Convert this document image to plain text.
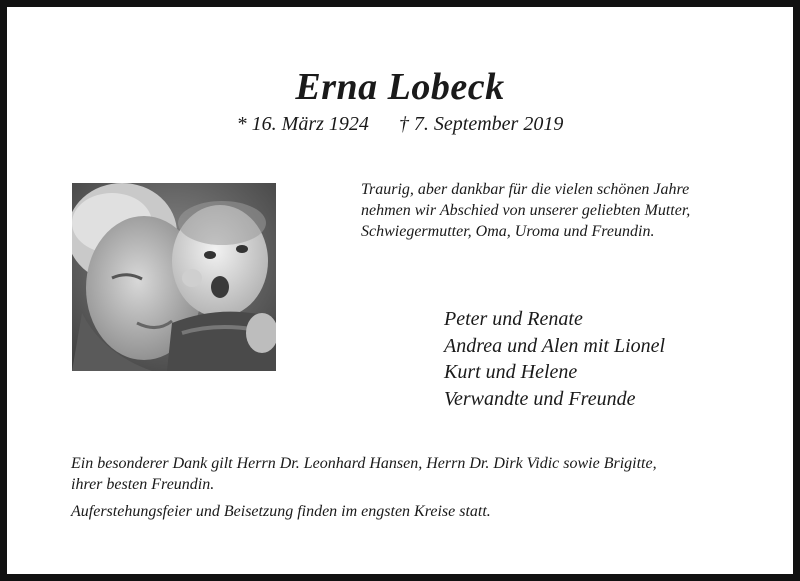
Erna Lobeck
* 16. März 1924 † 7. September 2019
Traurig, aber dankbar für die vielen schönen Jahre
nehmen wir Abschied von unserer geliebten Mutter,
Schwiegermutter, Oma, Uroma und Freundin.
Peter und Renate
Andrea und Alen mit Lionel
Kurt und Helene
Verwandte und Freunde
Ein besonderer Dank gilt Herrn Dr. Leonhard Hansen, Herrn Dr. Dirk Vidic sowie Brigitte,
ihrer besten Freundin.
Auferstehungsfeier und Beisetzung finden im engsten Kreise statt.
